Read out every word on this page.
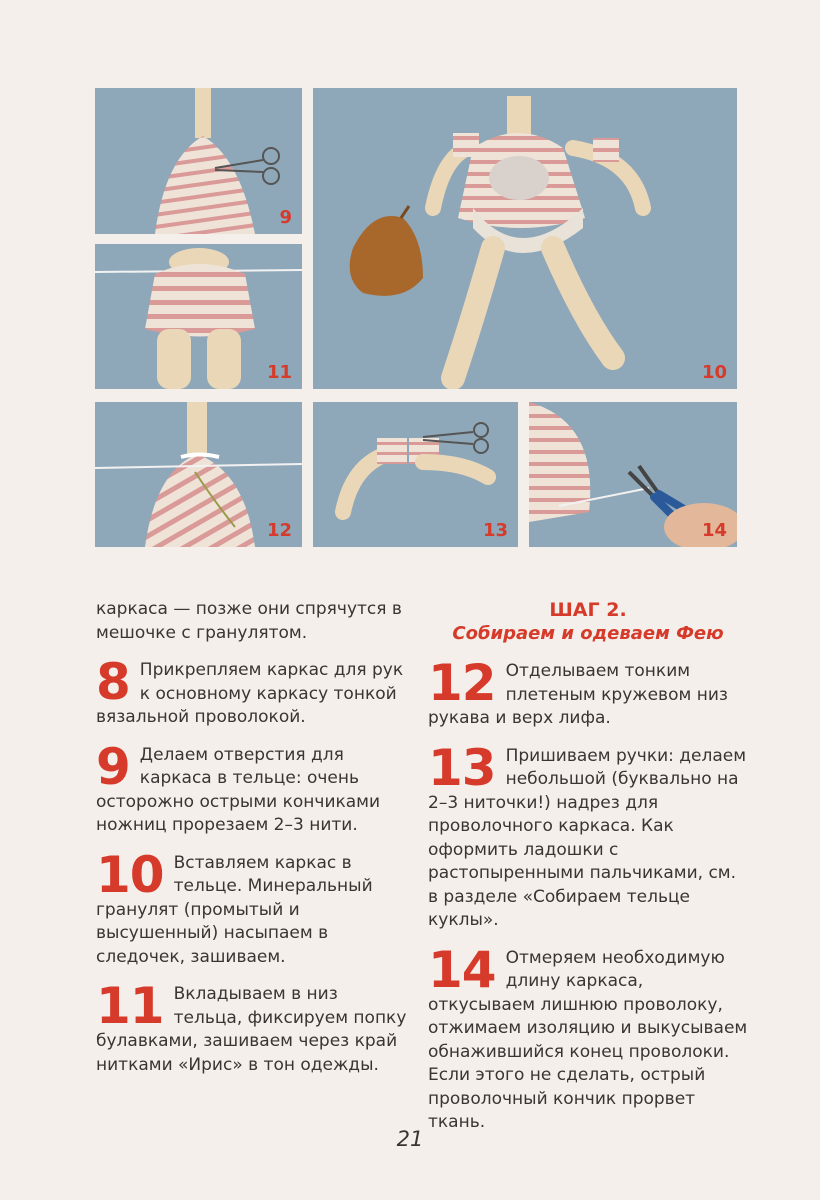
9
11	10
12	13	14

каркаса — позже они спрячутся в мешочке с гранулятом.

8 Прикрепляем каркас для рук к основному каркасу тонкой вязальной проволокой.

9 Делаем отверстия для каркаса в тельце: очень осторожно острыми кончиками ножниц прорезаем 2–3 нити.

10 Вставляем каркас в тельце. Минеральный гранулят (промытый и высушенный) насыпаем в следочек, зашиваем.

11 Вкладываем в низ тельца, фиксируем попку булавками, зашиваем через край нитками «Ирис» в тон одежды.

ШАГ 2.
Собираем и одеваем Фею
12 Отделываем тонким плетеным кружевом низ рукава и верх лифа.

13 Пришиваем ручки: делаем небольшой (буквально на 2–3 ниточки!) надрез для проволочного каркаса. Как оформить ладошки с растопыренными пальчиками, см. в разделе «Собираем тельце куклы».

14 Отмеряем необходимую длину каркаса, откусываем лишнюю проволоку, отжимаем изоляцию и выкусываем обнажившийся конец проволоки. Если этого не сделать, острый проволочный кончик прорвет ткань.

21
